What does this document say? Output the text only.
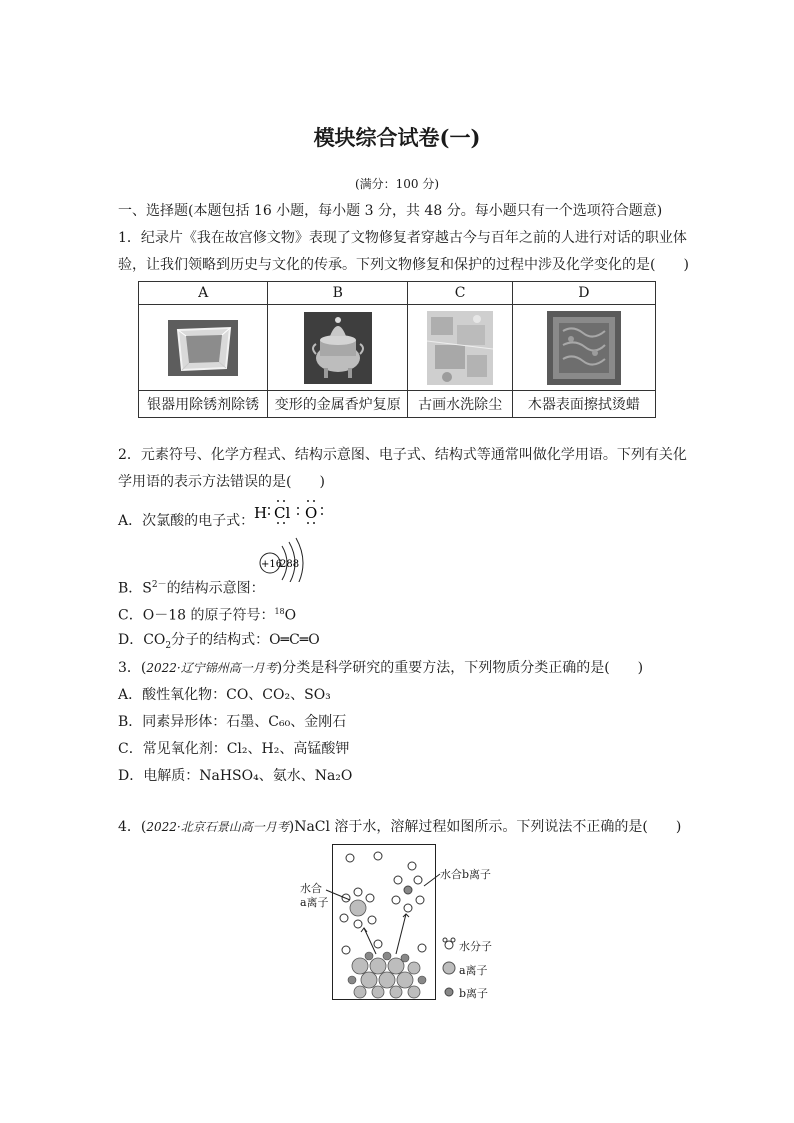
模块综合试卷(一)
(满分：100 分)
一、选择题(本题包括 16 小题，每小题 3 分，共 48 分。每小题只有一个选项符合题意)
1．纪录片《我在故宫修文物》表现了文物修复者穿越古今与百年之前的人进行对话的职业体
验，让我们领略到历史与文化的传承。下列文物修复和保护的过程中涉及化学变化的是(　　)
A	B	C	D

银器用除锈剂除锈	变形的金属香炉复原	古画水洗除尘	木器表面擦拭烫蜡
2．元素符号、化学方程式、结构示意图、电子式、结构式等通常叫做化学用语。下列有关化
学用语的表示方法错误的是(　　)
A．次氯酸的电子式： H Cl O
B．$S^{2-}$的结构示意图：
+16
288
C．O－18 的原子符号：$^{18}$O
D．$CO_2$分子的结构式：O═C═O
3．(2022·辽宁锦州高一月考)分类是科学研究的重要方法，下列物质分类正确的是(　　)
A．酸性氧化物：CO、CO₂、SO₃
B．同素异形体：石墨、C₆₀、金刚石
C．常见氧化剂：Cl₂、H₂、高锰酸钾
D．电解质：NaHSO₄、氨水、Na₂O
4．(2022·北京石景山高一月考)NaCl 溶于水，溶解过程如图所示。下列说法不正确的是(　　)
水合
a离子
水合b离子
水分子
a离子
b离子
